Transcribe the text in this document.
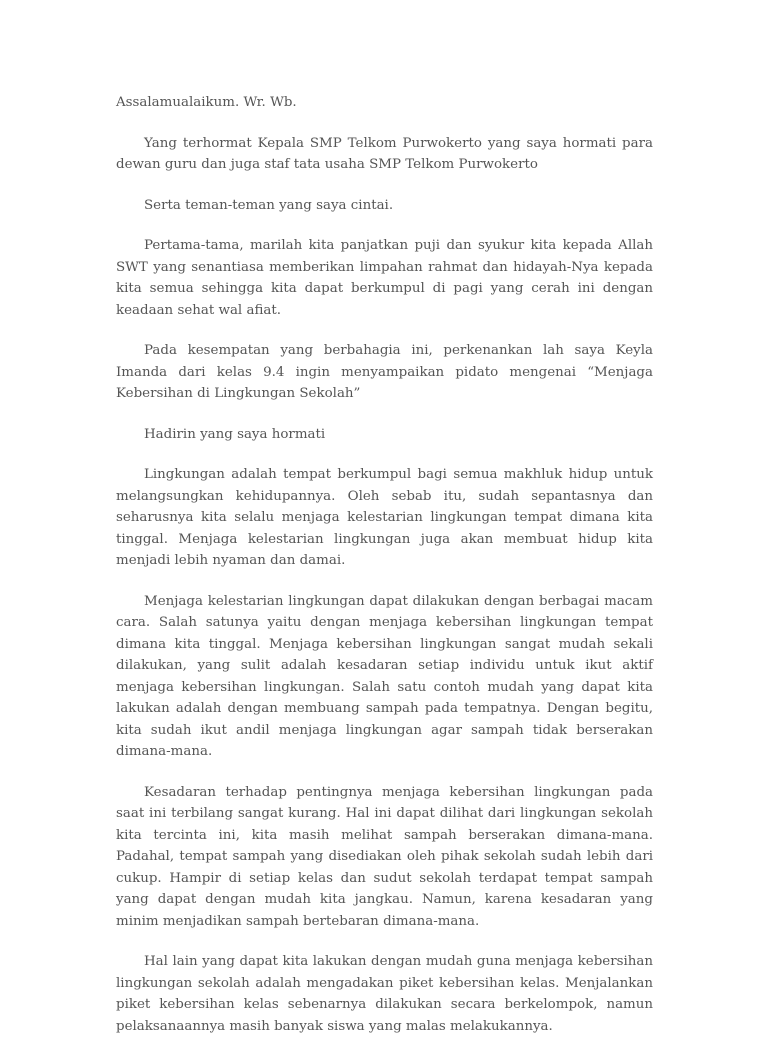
Assalamualaikum. Wr. Wb.

Yang terhormat Kepala SMP Telkom Purwokerto yang saya hormati para dewan guru dan juga staf tata usaha SMP Telkom Purwokerto

Serta teman-teman yang saya cintai.

Pertama-tama, marilah kita panjatkan puji dan syukur kita kepada Allah SWT yang senantiasa memberikan limpahan rahmat dan hidayah-Nya kepada kita semua sehingga kita dapat berkumpul di pagi yang cerah ini dengan keadaan sehat wal afiat.

Pada kesempatan yang berbahagia ini, perkenankan lah saya Keyla Imanda dari kelas 9.4 ingin menyampaikan pidato mengenai “Menjaga Kebersihan di Lingkungan Sekolah”

Hadirin yang saya hormati

Lingkungan adalah tempat berkumpul bagi semua makhluk hidup untuk melangsungkan kehidupannya. Oleh sebab itu, sudah sepantasnya dan seharusnya kita selalu menjaga kelestarian lingkungan tempat dimana kita tinggal. Menjaga kelestarian lingkungan juga akan membuat hidup kita menjadi lebih nyaman dan damai.

Menjaga kelestarian lingkungan dapat dilakukan dengan berbagai macam cara. Salah satunya yaitu dengan menjaga kebersihan lingkungan tempat dimana kita tinggal. Menjaga kebersihan lingkungan sangat mudah sekali dilakukan, yang sulit adalah kesadaran setiap individu untuk ikut aktif menjaga kebersihan lingkungan. Salah satu contoh mudah yang dapat kita lakukan adalah dengan membuang sampah pada tempatnya. Dengan begitu, kita sudah ikut andil menjaga lingkungan agar sampah tidak berserakan dimana-mana.

Kesadaran terhadap pentingnya menjaga kebersihan lingkungan pada saat ini terbilang sangat kurang. Hal ini dapat dilihat dari lingkungan sekolah kita tercinta ini, kita masih melihat sampah berserakan dimana-mana. Padahal, tempat sampah yang disediakan oleh pihak sekolah sudah lebih dari cukup. Hampir di setiap kelas dan sudut sekolah terdapat tempat sampah yang dapat dengan mudah kita jangkau. Namun, karena kesadaran yang minim menjadikan sampah bertebaran dimana-mana.

Hal lain yang dapat kita lakukan dengan mudah guna menjaga kebersihan lingkungan sekolah adalah mengadakan piket kebersihan kelas. Menjalankan piket kebersihan kelas sebenarnya dilakukan secara berkelompok, namun pelaksanaannya masih banyak siswa yang malas melakukannya.
